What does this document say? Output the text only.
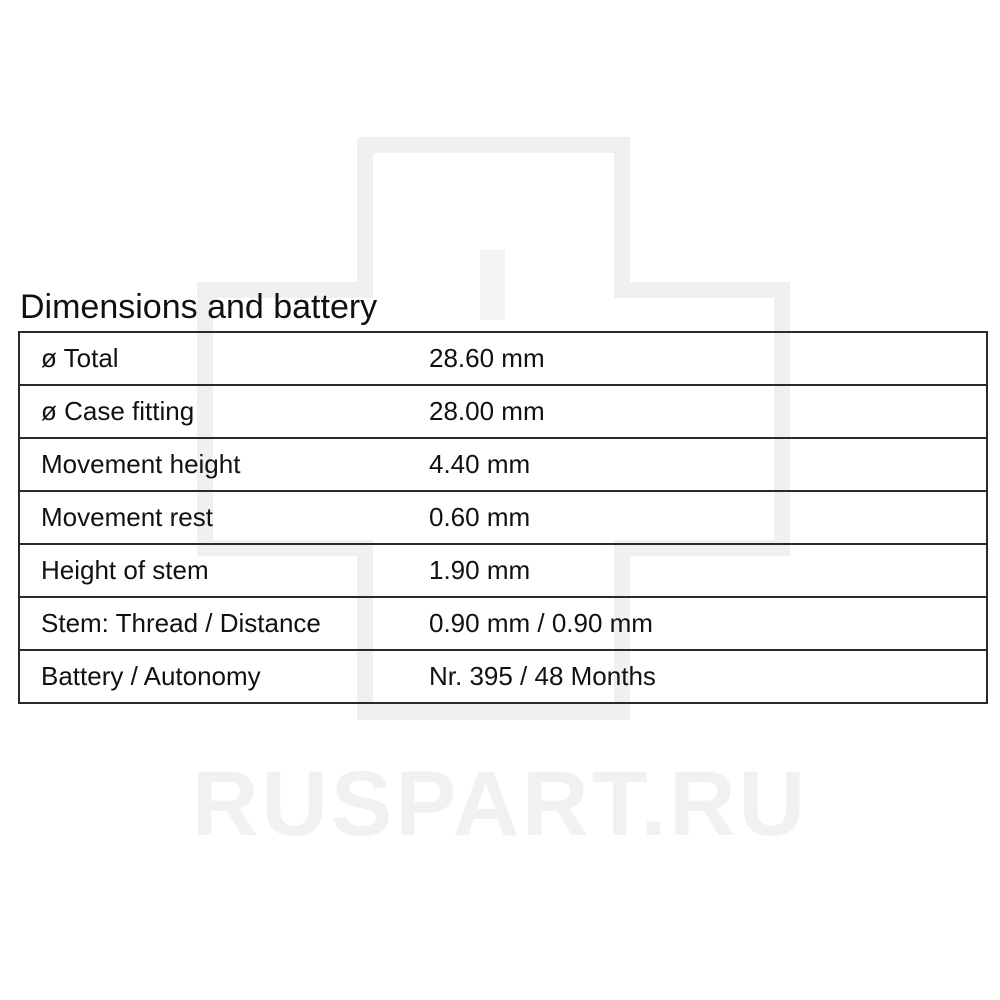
RUSPART.RU
Dimensions and battery
ø Total	28.60 mm
ø Case fitting	28.00 mm
Movement height	4.40 mm
Movement rest	0.60 mm
Height of stem	1.90 mm
Stem: Thread / Distance	0.90 mm / 0.90 mm
Battery / Autonomy	Nr. 395 / 48 Months
